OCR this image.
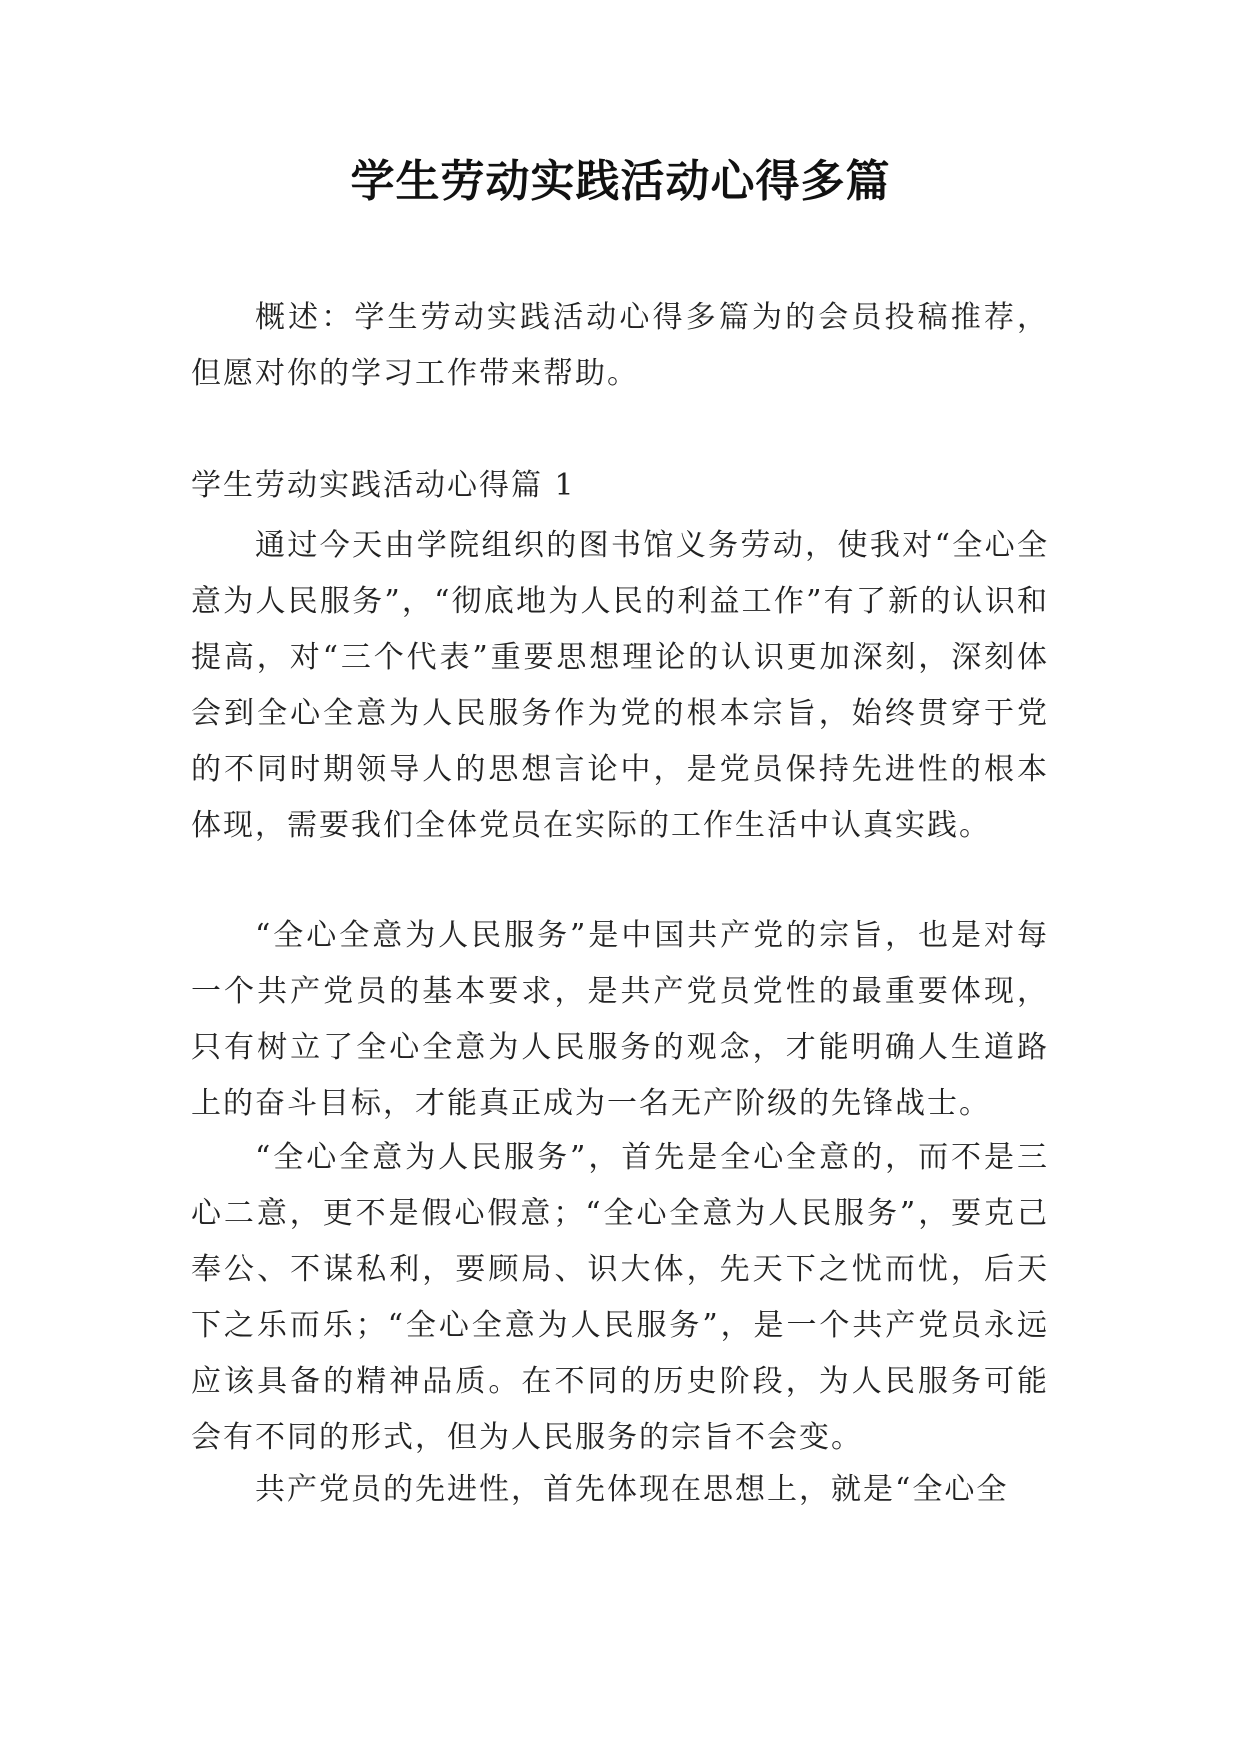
学生劳动实践活动心得多篇

概述：学生劳动实践活动心得多篇为的会员投稿推荐，但愿对你的学习工作带来帮助。

学生劳动实践活动心得篇 1

通过今天由学院组织的图书馆义务劳动，使我对“全心全意为人民服务”，“彻底地为人民的利益工作”有了新的认识和提高，对“三个代表”重要思想理论的认识更加深刻，深刻体会到全心全意为人民服务作为党的根本宗旨，始终贯穿于党的不同时期领导人的思想言论中，是党员保持先进性的根本体现，需要我们全体党员在实际的工作生活中认真实践。

“全心全意为人民服务”是中国共产党的宗旨，也是对每一个共产党员的基本要求，是共产党员党性的最重要体现，只有树立了全心全意为人民服务的观念，才能明确人生道路上的奋斗目标，才能真正成为一名无产阶级的先锋战士。

“全心全意为人民服务”，首先是全心全意的，而不是三心二意，更不是假心假意；“全心全意为人民服务”，要克己奉公、不谋私利，要顾局、识大体，先天下之忧而忧，后天下之乐而乐；“全心全意为人民服务”，是一个共产党员永远应该具备的精神品质。在不同的历史阶段，为人民服务可能会有不同的形式，但为人民服务的宗旨不会变。

共产党员的先进性，首先体现在思想上，就是“全心全
